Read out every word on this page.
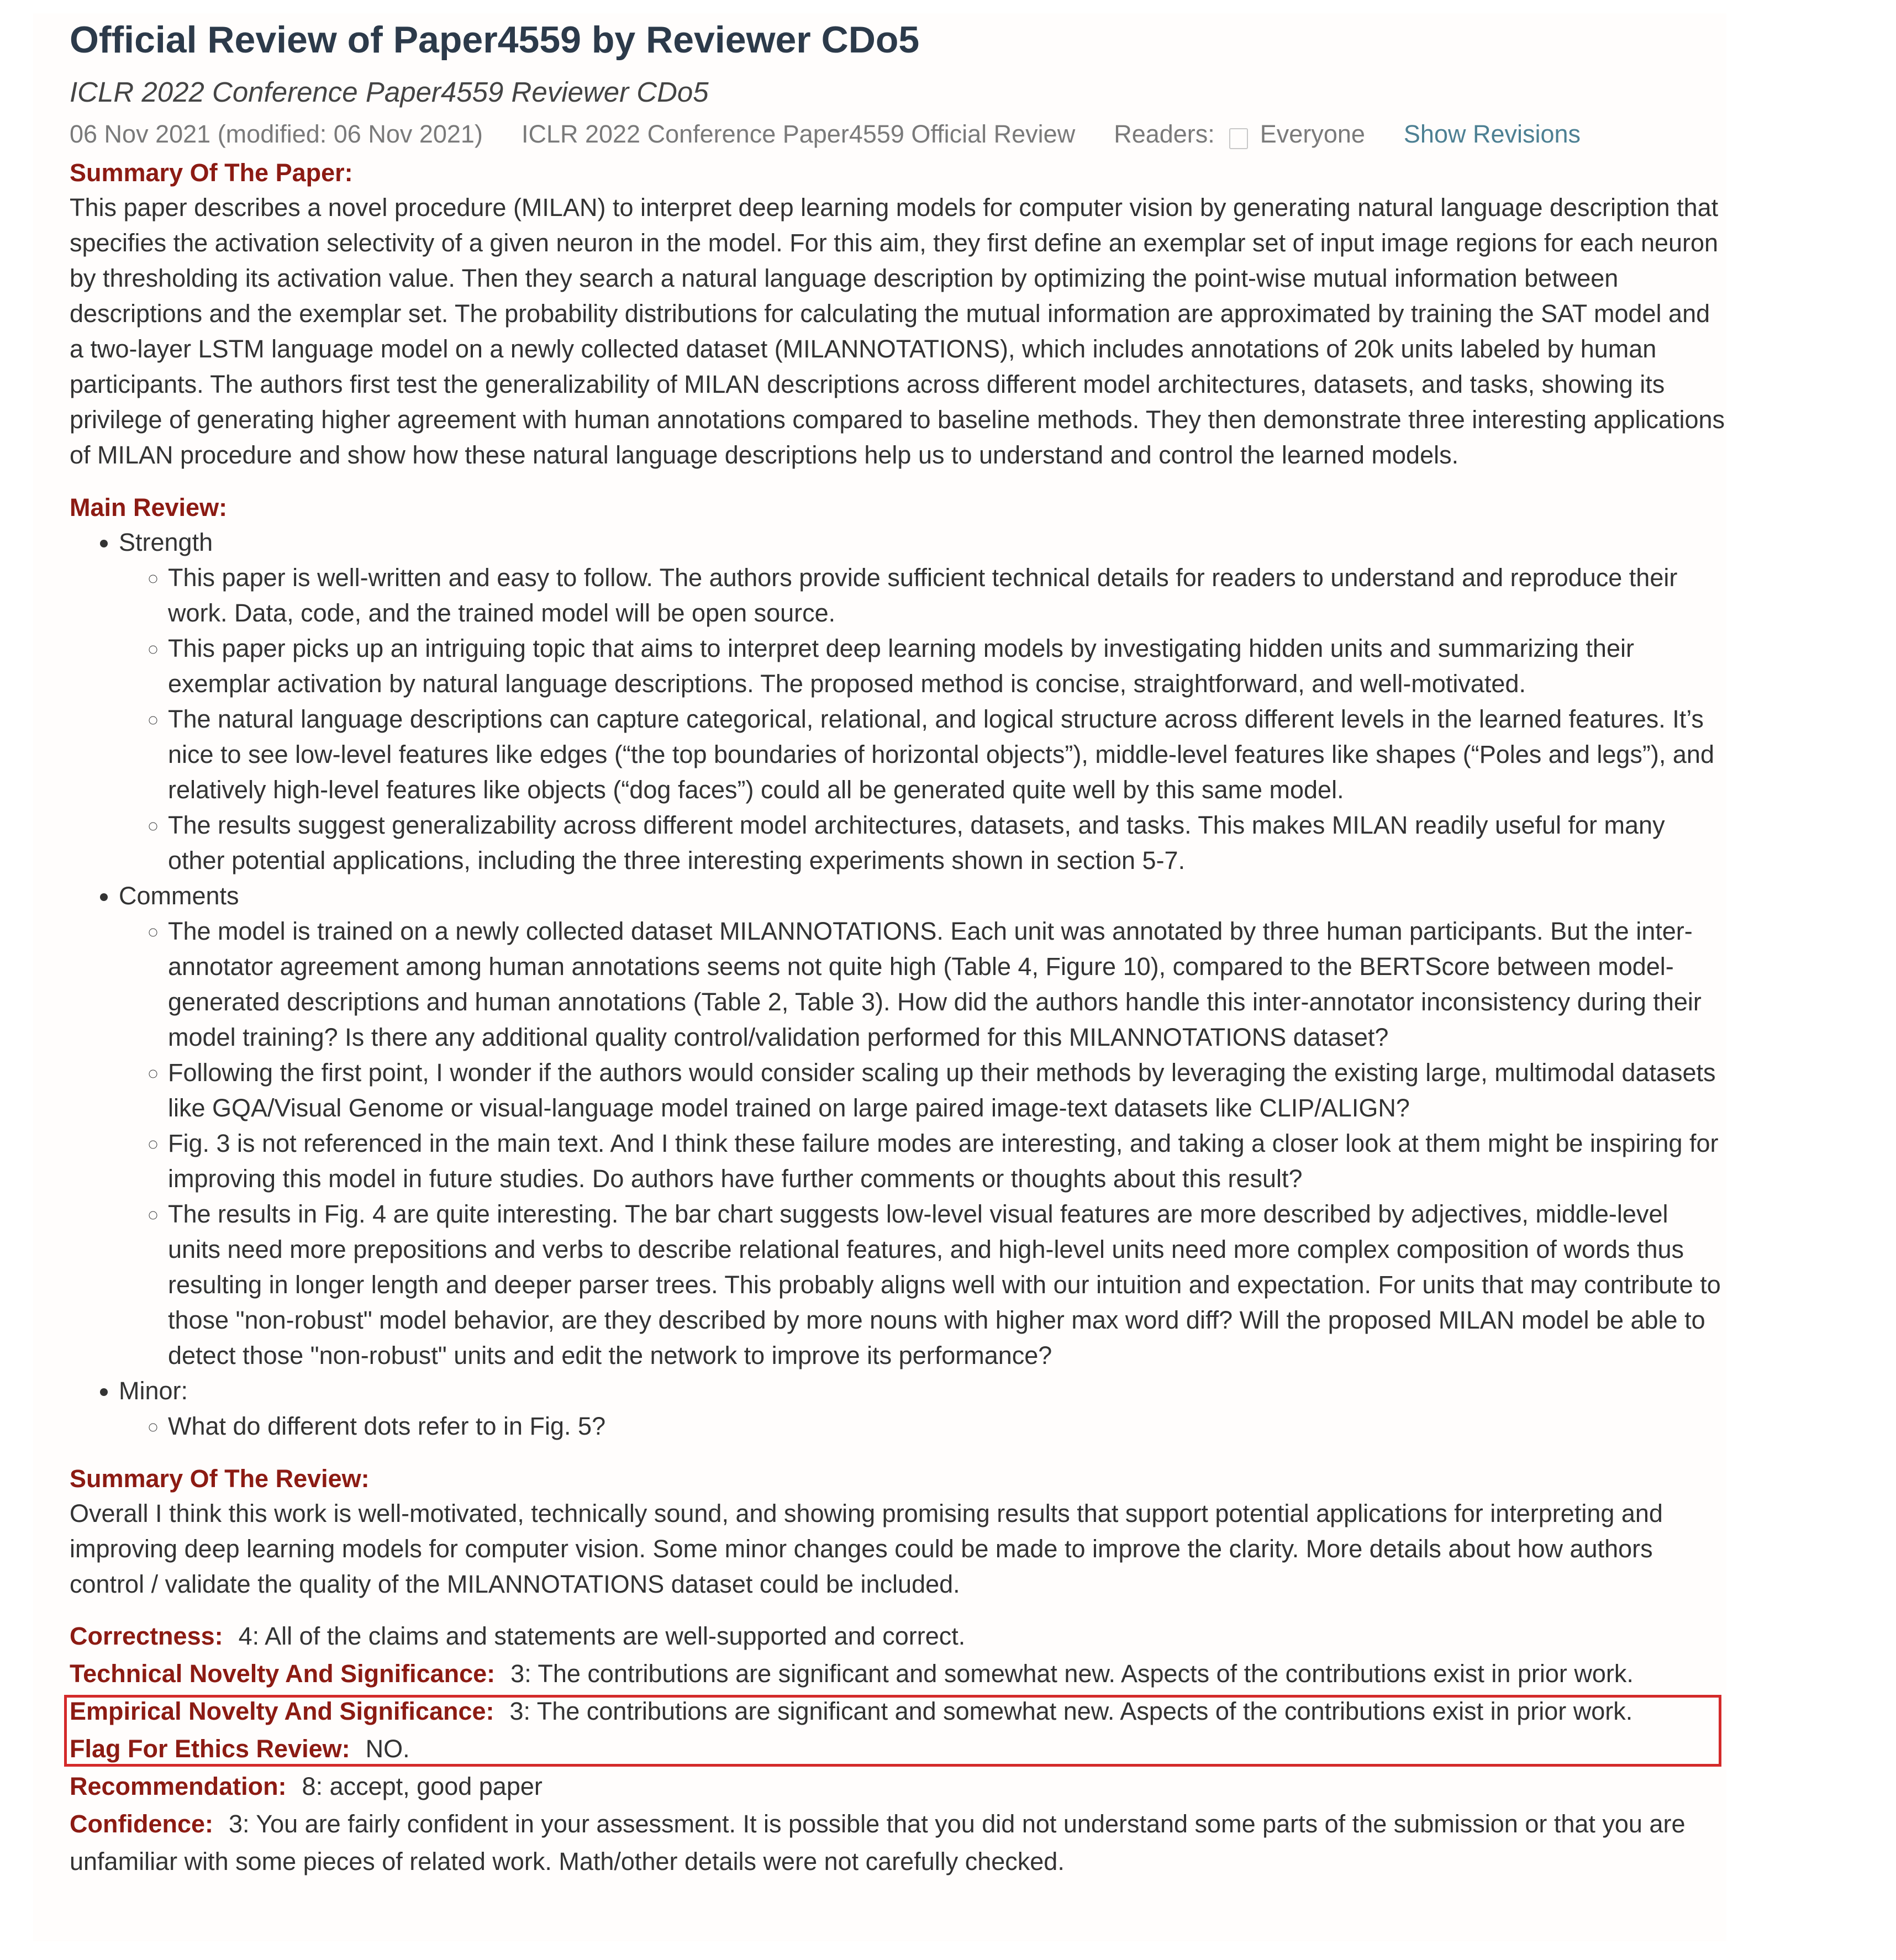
Official Review of Paper4559 by Reviewer CDo5
ICLR 2022 Conference Paper4559 Reviewer CDo5
06 Nov 2021 (modified: 06 Nov 2021) ICLR 2022 Conference Paper4559 Official Review Readers: Everyone Show Revisions
Summary Of The Paper:

This paper describes a novel procedure (MILAN) to interpret deep learning models for computer vision by generating natural language description that specifies the activation selectivity of a given neuron in the model. For this aim, they first define an exemplar set of input image regions for each neuron by thresholding its activation value. Then they search a natural language description by optimizing the point-wise mutual information between descriptions and the exemplar set. The probability distributions for calculating the mutual information are approximated by training the SAT model and a two-layer LSTM language model on a newly collected dataset (MILANNOTATIONS), which includes annotations of 20k units labeled by human participants. The authors first test the generalizability of MILAN descriptions across different model architectures, datasets, and tasks, showing its privilege of generating higher agreement with human annotations compared to baseline methods. They then demonstrate three interesting applications of MILAN procedure and show how these natural language descriptions help us to understand and control the learned models.

Main Review:
• Strength
◦ This paper is well-written and easy to follow. The authors provide sufficient technical details for readers to understand and reproduce their work. Data, code, and the trained model will be open source.
◦ This paper picks up an intriguing topic that aims to interpret deep learning models by investigating hidden units and summarizing their exemplar activation by natural language descriptions. The proposed method is concise, straightforward, and well-motivated.
◦ The natural language descriptions can capture categorical, relational, and logical structure across different levels in the learned features. It’s nice to see low-level features like edges (“the top boundaries of horizontal objects”), middle-level features like shapes (“Poles and legs”), and relatively high-level features like objects (“dog faces”) could all be generated quite well by this same model.
◦ The results suggest generalizability across different model architectures, datasets, and tasks. This makes MILAN readily useful for many other potential applications, including the three interesting experiments shown in section 5-7.
• Comments
◦ The model is trained on a newly collected dataset MILANNOTATIONS. Each unit was annotated by three human participants. But the inter-annotator agreement among human annotations seems not quite high (Table 4, Figure 10), compared to the BERTScore between model-generated descriptions and human annotations (Table 2, Table 3). How did the authors handle this inter-annotator inconsistency during their model training? Is there any additional quality control/validation performed for this MILANNOTATIONS dataset?
◦ Following the first point, I wonder if the authors would consider scaling up their methods by leveraging the existing large, multimodal datasets like GQA/Visual Genome or visual-language model trained on large paired image-text datasets like CLIP/ALIGN?
◦ Fig. 3 is not referenced in the main text. And I think these failure modes are interesting, and taking a closer look at them might be inspiring for improving this model in future studies. Do authors have further comments or thoughts about this result?
◦ The results in Fig. 4 are quite interesting. The bar chart suggests low-level visual features are more described by adjectives, middle-level units need more prepositions and verbs to describe relational features, and high-level units need more complex composition of words thus resulting in longer length and deeper parser trees. This probably aligns well with our intuition and expectation. For units that may contribute to those "non-robust" model behavior, are they described by more nouns with higher max word diff? Will the proposed MILAN model be able to detect those "non-robust" units and edit the network to improve its performance?
• Minor:
◦ What do different dots refer to in Fig. 5?
Summary Of The Review:

Overall I think this work is well-motivated, technically sound, and showing promising results that support potential applications for interpreting and improving deep learning models for computer vision. Some minor changes could be made to improve the clarity. More details about how authors control / validate the quality of the MILANNOTATIONS dataset could be included.

Correctness: 4: All of the claims and statements are well-supported and correct.
Technical Novelty And Significance: 3: The contributions are significant and somewhat new. Aspects of the contributions exist in prior work.
Empirical Novelty And Significance: 3: The contributions are significant and somewhat new. Aspects of the contributions exist in prior work.
Flag For Ethics Review: NO.
Recommendation: 8: accept, good paper
Confidence: 3: You are fairly confident in your assessment. It is possible that you did not understand some parts of the submission or that you are unfamiliar with some pieces of related work. Math/other details were not carefully checked.
